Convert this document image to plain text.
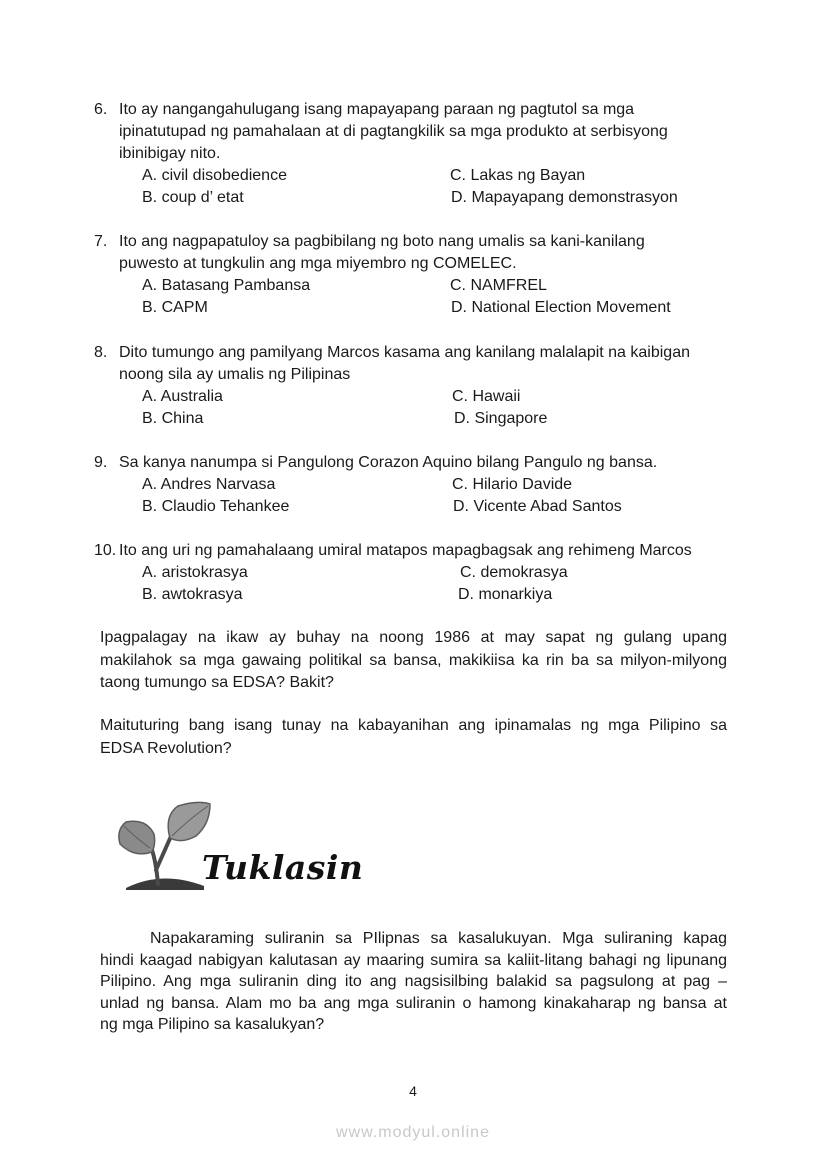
6. Ito ay nangangahulugang isang mapayapang paraan ng pagtutol sa mga
ipinatutupad ng pamahalaan at di pagtangkilik sa mga produkto at serbisyong
ibinibigay nito.
A. civil disobedience
B. coup d’ etat
C. Lakas ng Bayan
D. Mapayapang demonstrasyon
7. Ito ang nagpapatuloy sa pagbibilang ng boto nang umalis sa kani-kanilang
puwesto at tungkulin ang mga miyembro ng COMELEC.
A. Batasang Pambansa
B. CAPM
C. NAMFREL
D. National Election Movement
8. Dito tumungo ang pamilyang Marcos kasama ang kanilang malalapit na kaibigan
noong sila ay umalis ng Pilipinas
A. Australia
B. China
C. Hawaii
D. Singapore
9. Sa kanya nanumpa si Pangulong Corazon Aquino bilang Pangulo ng bansa.
A. Andres Narvasa
B. Claudio Tehankee
C. Hilario Davide
D. Vicente Abad Santos
10. Ito ang uri ng pamahalaang umiral matapos mapagbagsak ang rehimeng Marcos
A. aristokrasya
B. awtokrasya
C. demokrasya
D. monarkiya
Ipagpalagay na ikaw ay buhay na noong 1986 at may sapat ng gulang upang
makilahok sa mga gawaing politikal sa bansa, makikiisa ka rin ba sa milyon-milyong
taong tumungo sa EDSA? Bakit?
Maituturing bang isang tunay na kabayanihan ang ipinamalas ng mga Pilipino sa
EDSA Revolution?
Tuklasin
Napakaraming suliranin sa PIlipnas sa kasalukuyan. Mga suliraning kapag
hindi kaagad nabigyan kalutasan ay maaring sumira sa kaliit-litang bahagi ng lipunang
Pilipino. Ang mga suliranin ding ito ang nagsisilbing balakid sa pagsulong at pag –
unlad ng bansa. Alam mo ba ang mga suliranin o hamong kinakaharap ng bansa at
ng mga Pilipino sa kasalukyan?
4
www.modyul.online
